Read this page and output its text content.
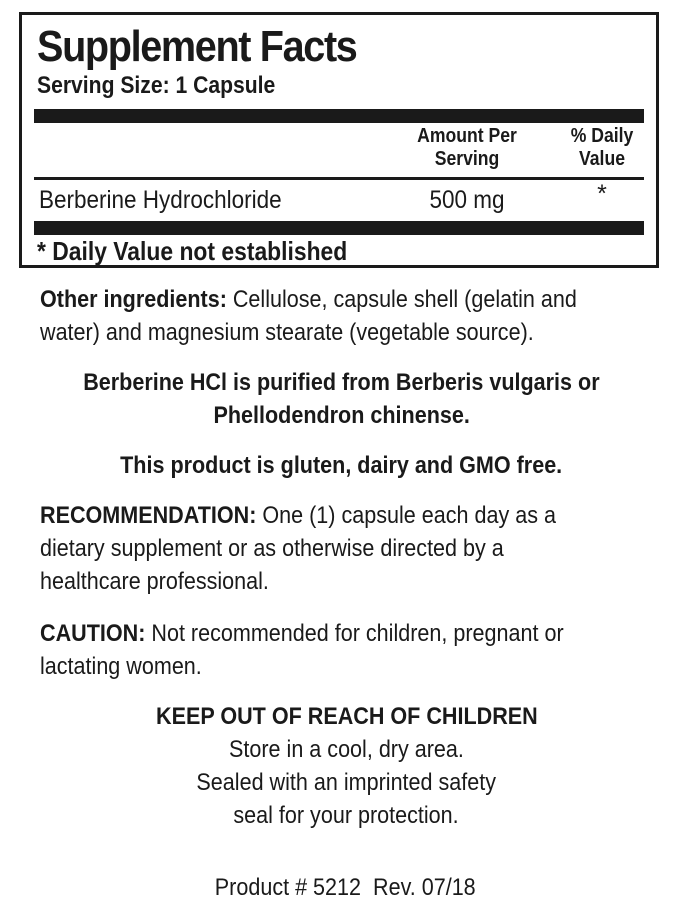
Supplement Facts
Serving Size: 1 Capsule
Amount Per
Serving
% Daily
Value
Berberine Hydrochloride	500 mg	*
* Daily Value not established
Other ingredients: Cellulose, capsule shell (gelatin and
water) and magnesium stearate (vegetable source).
Berberine HCl is purified from Berberis vulgaris or
Phellodendron chinense.
This product is gluten, dairy and GMO free.
RECOMMENDATION: One (1) capsule each day as a
dietary supplement or as otherwise directed by a
healthcare professional.
CAUTION: Not recommended for children, pregnant or
lactating women.
KEEP OUT OF REACH OF CHILDREN
Store in a cool, dry area.
Sealed with an imprinted safety
seal for your protection.
Product # 5212  Rev. 07/18
